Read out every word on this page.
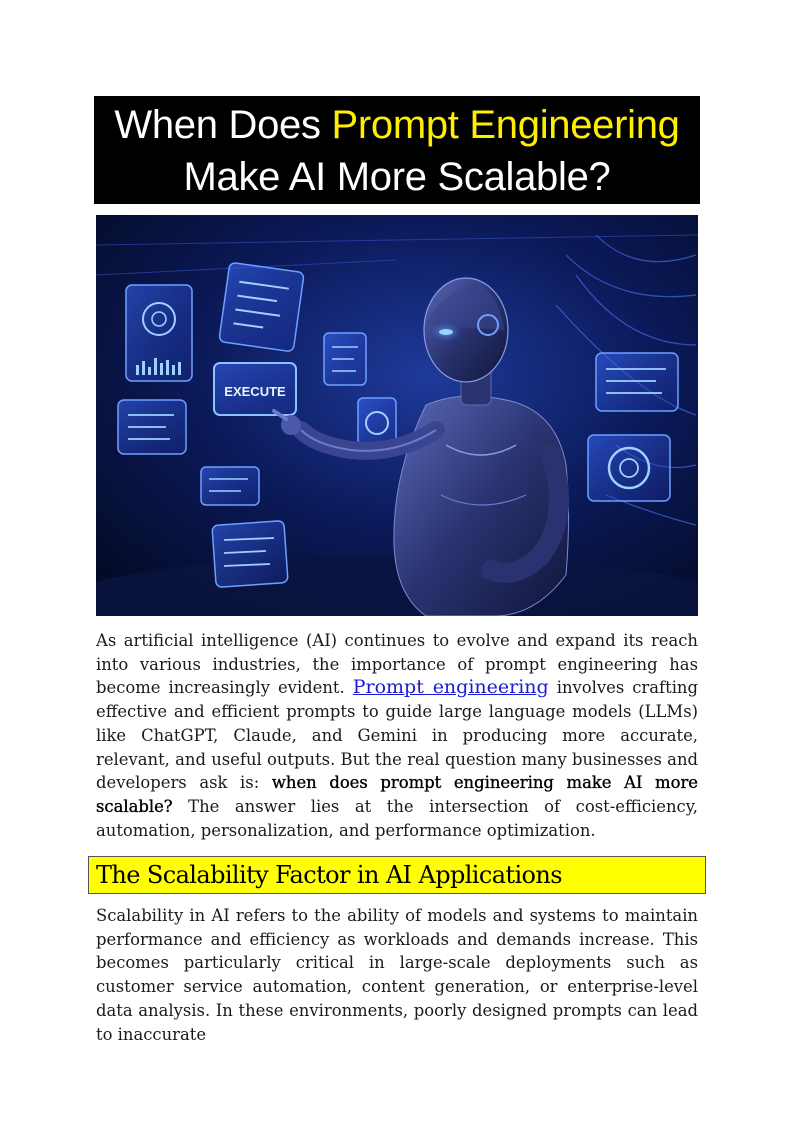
When Does Prompt Engineering
Make AI More Scalable?
EXECUTE
As artificial intelligence (AI) continues to evolve and expand its reach into various industries, the importance of prompt engineering has become increasingly evident. Prompt engineering involves crafting effective and efficient prompts to guide large language models (LLMs) like ChatGPT, Claude, and Gemini in producing more accurate, relevant, and useful outputs. But the real question many businesses and developers ask is: when does prompt engineering make AI more scalable? The answer lies at the intersection of cost-efficiency, automation, personalization, and performance optimization.
The Scalability Factor in AI Applications
Scalability in AI refers to the ability of models and systems to maintain performance and efficiency as workloads and demands increase. This becomes particularly critical in large-scale deployments such as customer service automation, content generation, or enterprise-level data analysis. In these environments, poorly designed prompts can lead to inaccurate
